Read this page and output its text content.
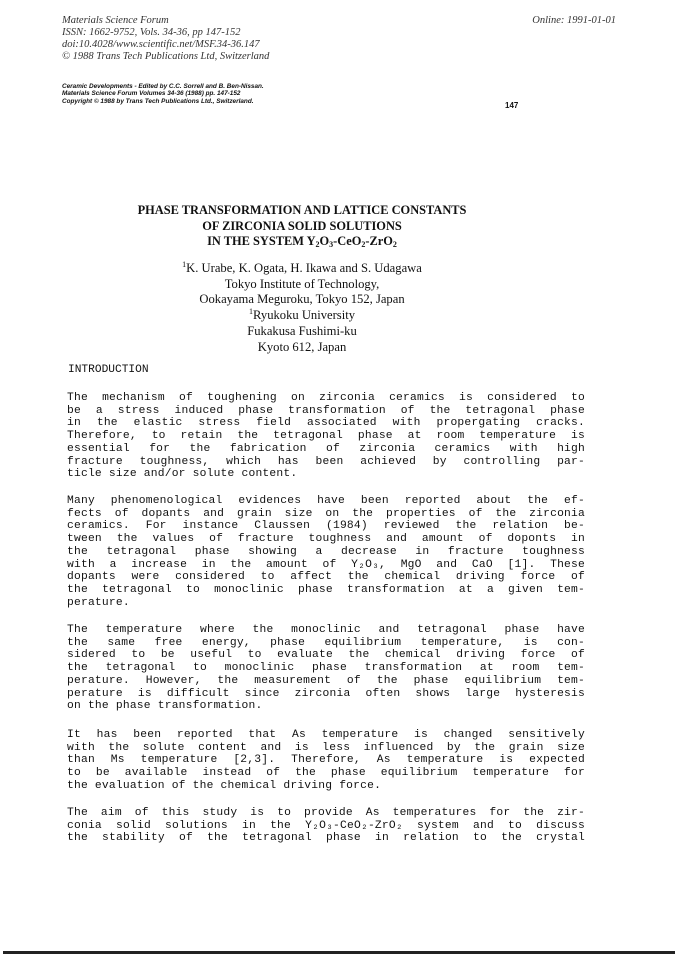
Materials Science Forum
ISSN: 1662-9752, Vols. 34-36, pp 147-152
doi:10.4028/www.scientific.net/MSF.34-36.147
© 1988 Trans Tech Publications Ltd, Switzerland
Online: 1991-01-01
Ceramic Developments - Edited by C.C. Sorrell and B. Ben-Nissan.
Materials Science Forum Volumes 34-36 (1988) pp. 147-152
Copyright © 1988 by Trans Tech Publications Ltd., Switzerland.	147
PHASE TRANSFORMATION AND LATTICE CONSTANTS
OF ZIRCONIA SOLID SOLUTIONS
IN THE SYSTEM $Y_2O_3-CeO_2-ZrO_2$
$^1$K. Urabe, K. Ogata, H. Ikawa and S. Udagawa
Tokyo Institute of Technology,
Ookayama Meguroku, Tokyo 152, Japan
$^1$Ryukoku University
Fukakusa Fushimi-ku
Kyoto 612, Japan
INTRODUCTION

The mechanism of toughening on zirconia ceramics is considered to

be a stress induced phase transformation of the tetragonal phase

in the elastic stress field associated with propergating cracks.

Therefore, to retain the tetragonal phase at room temperature is

essential for the fabrication of zirconia ceramics with high

fracture toughness, which has been achieved by controlling par-

ticle size and/or solute content.

Many phenomenological evidences have been reported about the ef-

fects of dopants and grain size on the properties of the zirconia

ceramics. For instance Claussen (1984) reviewed the relation be-

tween the values of fracture toughness and amount of doponts in

the tetragonal phase showing a decrease in fracture toughness

with a increase in the amount of Y₂O₃, MgO and CaO [1]. These

dopants were considered to affect the chemical driving force of

the tetragonal to monoclinic phase transformation at a given tem-

perature.

The temperature where the monoclinic and tetragonal phase have

the same free energy, phase equilibrium temperature, is con-

sidered to be useful to evaluate the chemical driving force of

the tetragonal to monoclinic phase transformation at room tem-

perature. However, the measurement of the phase equilibrium tem-

perature is difficult since zirconia often shows large hysteresis

on the phase transformation.

It has been reported that As temperature is changed sensitively

with the solute content and is less influenced by the grain size

than Ms temperature [2,3]. Therefore, As temperature is expected

to be available instead of the phase equilibrium temperature for

the evaluation of the chemical driving force.

The aim of this study is to provide As temperatures for the zir-

conia solid solutions in the Y₂O₃-CeO₂-ZrO₂ system and to discuss

the stability of the tetragonal phase in relation to the crystal
